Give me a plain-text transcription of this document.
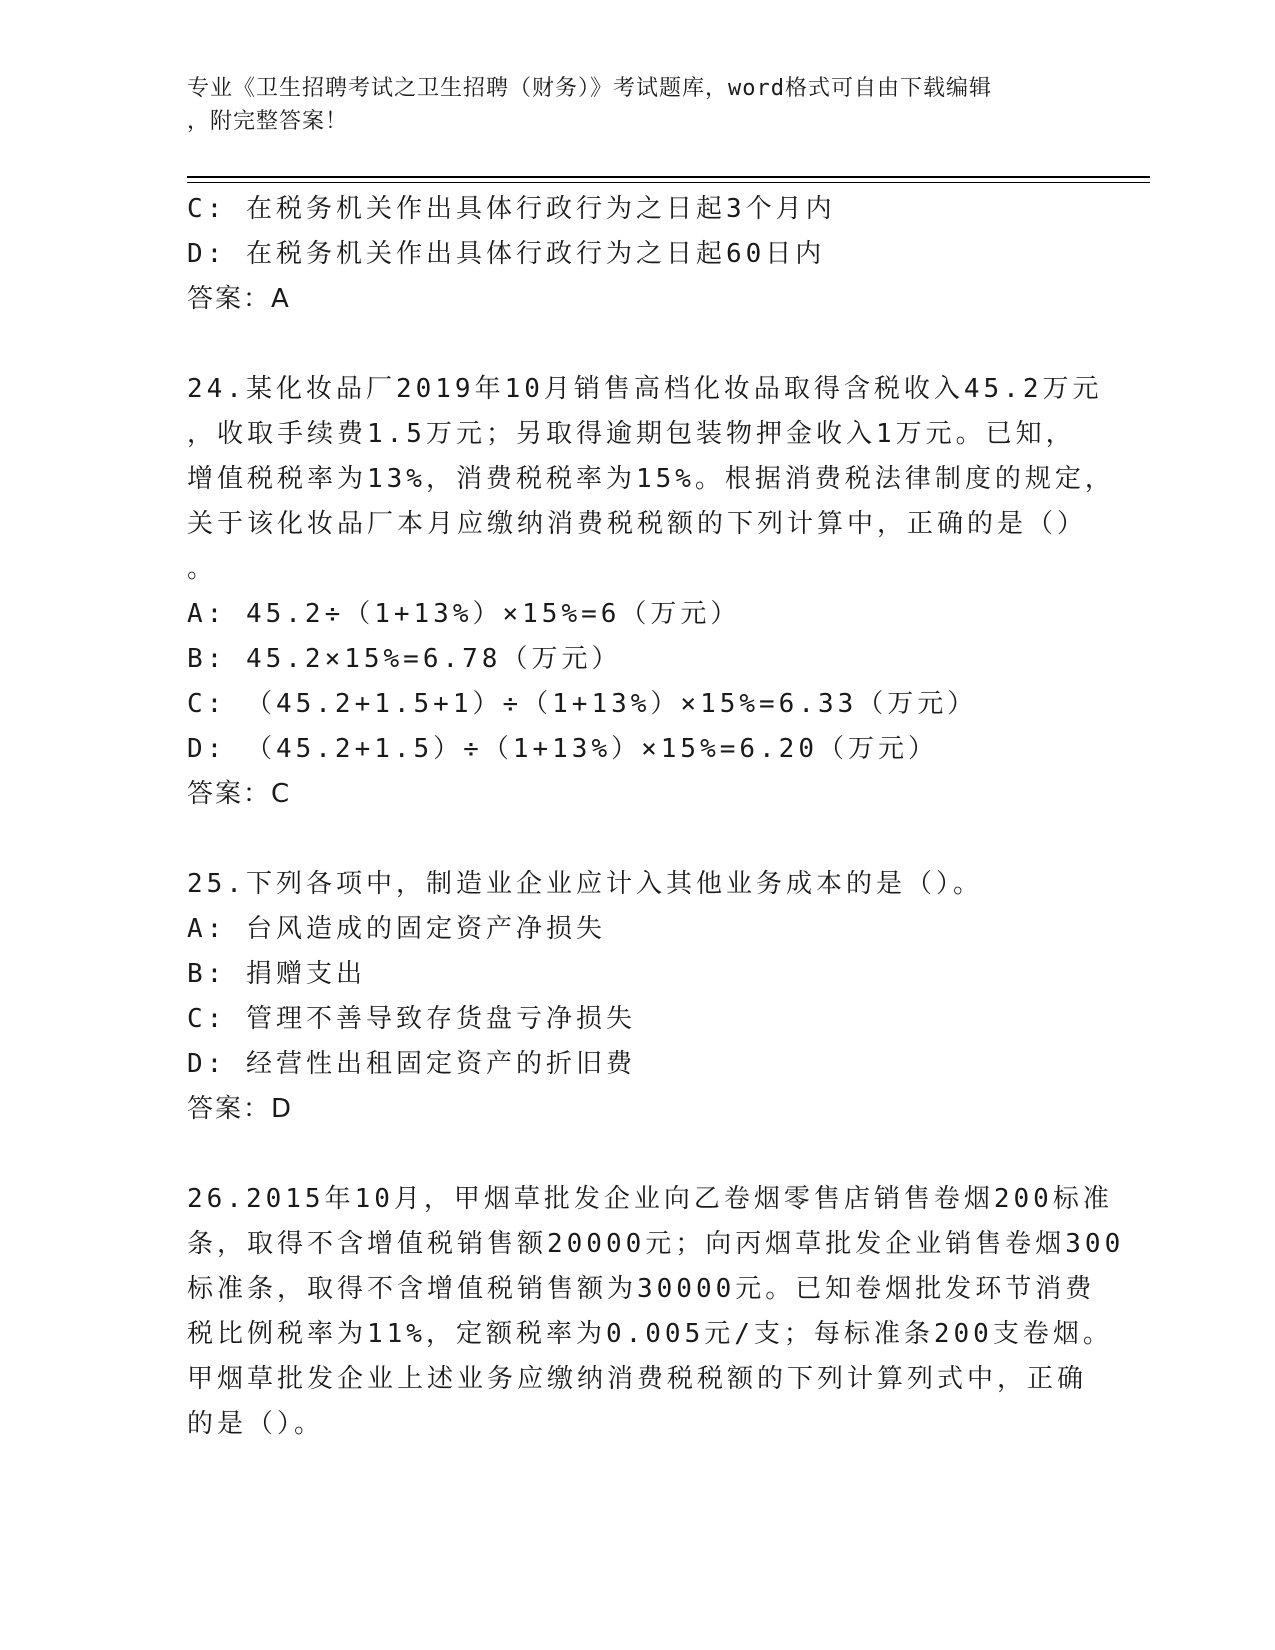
专业《卫生招聘考试之卫生招聘（财务）》考试题库，word格式可自由下载编辑
，附完整答案！
C: 在税务机关作出具体行政行为之日起3个月内
D: 在税务机关作出具体行政行为之日起60日内
答案：A
24.某化妆品厂2019年10月销售高档化妆品取得含税收入45.2万元
，收取手续费1.5万元；另取得逾期包装物押金收入1万元。已知，
增值税税率为13%，消费税税率为15%。根据消费税法律制度的规定，
关于该化妆品厂本月应缴纳消费税税额的下列计算中，正确的是（）
。
A: 45.2÷（1+13%）×15%=6（万元）
B: 45.2×15%=6.78（万元）
C: （45.2+1.5+1）÷（1+13%）×15%=6.33（万元）
D: （45.2+1.5）÷（1+13%）×15%=6.20（万元）
答案：C
25.下列各项中，制造业企业应计入其他业务成本的是（）。
A: 台风造成的固定资产净损失
B: 捐赠支出
C: 管理不善导致存货盘亏净损失
D: 经营性出租固定资产的折旧费
答案：D
26.2015年10月，甲烟草批发企业向乙卷烟零售店销售卷烟200标准
条，取得不含增值税销售额20000元；向丙烟草批发企业销售卷烟300
标准条，取得不含增值税销售额为30000元。已知卷烟批发环节消费
税比例税率为11%，定额税率为0.005元/支；每标准条200支卷烟。
甲烟草批发企业上述业务应缴纳消费税税额的下列计算列式中，正确
的是（）。
